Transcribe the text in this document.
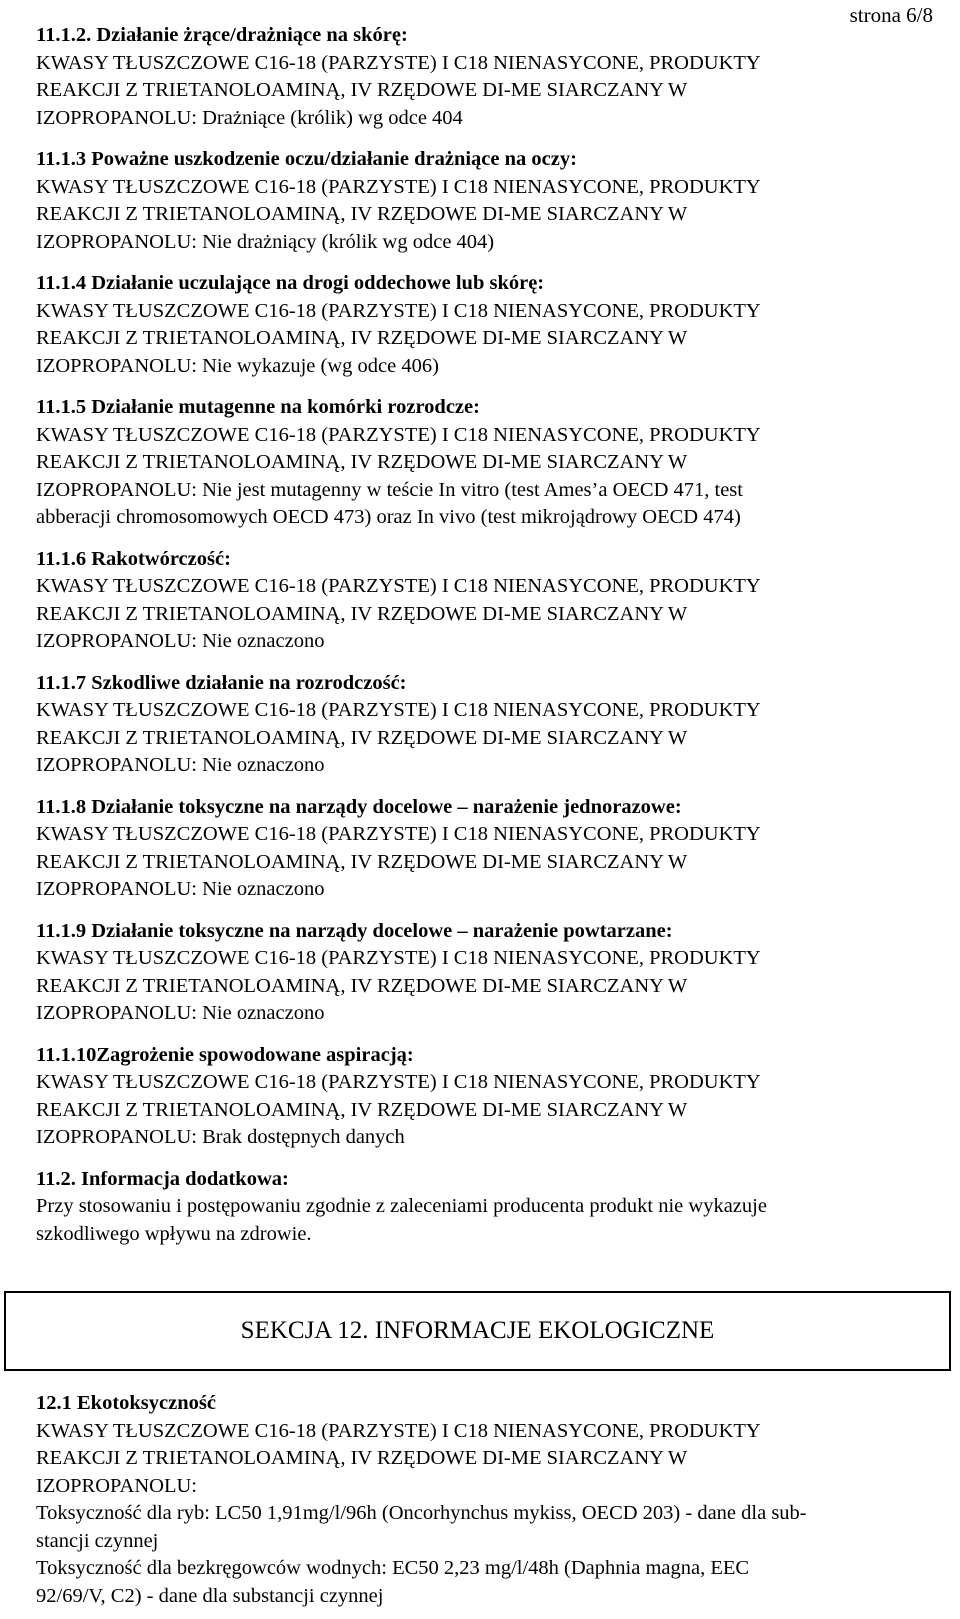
strona 6/8
11.1.2. Działanie żrące/drażniące na skórę:
KWASY TŁUSZCZOWE C16-18 (PARZYSTE) I C18 NIENASYCONE, PRODUKTY
REAKCJI Z TRIETANOLOAMINĄ, IV RZĘDOWE DI-ME SIARCZANY W
IZOPROPANOLU: Drażniące (królik) wg odce 404
11.1.3 Poważne uszkodzenie oczu/działanie drażniące na oczy:
KWASY TŁUSZCZOWE C16-18 (PARZYSTE) I C18 NIENASYCONE, PRODUKTY
REAKCJI Z TRIETANOLOAMINĄ, IV RZĘDOWE DI-ME SIARCZANY W
IZOPROPANOLU: Nie drażniący (królik wg odce 404)
11.1.4 Działanie uczulające na drogi oddechowe lub skórę:
KWASY TŁUSZCZOWE C16-18 (PARZYSTE) I C18 NIENASYCONE, PRODUKTY
REAKCJI Z TRIETANOLOAMINĄ, IV RZĘDOWE DI-ME SIARCZANY W
IZOPROPANOLU: Nie wykazuje (wg odce 406)
11.1.5 Działanie mutagenne na komórki rozrodcze:
KWASY TŁUSZCZOWE C16-18 (PARZYSTE) I C18 NIENASYCONE, PRODUKTY
REAKCJI Z TRIETANOLOAMINĄ, IV RZĘDOWE DI-ME SIARCZANY W
IZOPROPANOLU: Nie jest mutagenny w teście In vitro (test Ames’a OECD 471, test
abberacji chromosomowych OECD 473) oraz In vivo (test mikrojądrowy OECD 474)
11.1.6 Rakotwórczość:
KWASY TŁUSZCZOWE C16-18 (PARZYSTE) I C18 NIENASYCONE, PRODUKTY
REAKCJI Z TRIETANOLOAMINĄ, IV RZĘDOWE DI-ME SIARCZANY W
IZOPROPANOLU: Nie oznaczono
11.1.7 Szkodliwe działanie na rozrodczość:
KWASY TŁUSZCZOWE C16-18 (PARZYSTE) I C18 NIENASYCONE, PRODUKTY
REAKCJI Z TRIETANOLOAMINĄ, IV RZĘDOWE DI-ME SIARCZANY W
IZOPROPANOLU: Nie oznaczono
11.1.8 Działanie toksyczne na narządy docelowe – narażenie jednorazowe:
KWASY TŁUSZCZOWE C16-18 (PARZYSTE) I C18 NIENASYCONE, PRODUKTY
REAKCJI Z TRIETANOLOAMINĄ, IV RZĘDOWE DI-ME SIARCZANY W
IZOPROPANOLU: Nie oznaczono
11.1.9 Działanie toksyczne na narządy docelowe – narażenie powtarzane:
KWASY TŁUSZCZOWE C16-18 (PARZYSTE) I C18 NIENASYCONE, PRODUKTY
REAKCJI Z TRIETANOLOAMINĄ, IV RZĘDOWE DI-ME SIARCZANY W
IZOPROPANOLU: Nie oznaczono
11.1.10Zagrożenie spowodowane aspiracją:
KWASY TŁUSZCZOWE C16-18 (PARZYSTE) I C18 NIENASYCONE, PRODUKTY
REAKCJI Z TRIETANOLOAMINĄ, IV RZĘDOWE DI-ME SIARCZANY W
IZOPROPANOLU: Brak dostępnych danych
11.2. Informacja dodatkowa:
Przy stosowaniu i postępowaniu zgodnie z zaleceniami producenta produkt nie wykazuje
szkodliwego wpływu na zdrowie.
SEKCJA 12. INFORMACJE EKOLOGICZNE
12.1 Ekotoksyczność
KWASY TŁUSZCZOWE C16-18 (PARZYSTE) I C18 NIENASYCONE, PRODUKTY
REAKCJI Z TRIETANOLOAMINĄ, IV RZĘDOWE DI-ME SIARCZANY W
IZOPROPANOLU:
Toksyczność dla ryb: LC50 1,91mg/l/96h (Oncorhynchus mykiss, OECD 203) - dane dla sub-
stancji czynnej
Toksyczność dla bezkręgowców wodnych: EC50 2,23 mg/l/48h (Daphnia magna, EEC
92/69/V, C2) - dane dla substancji czynnej
